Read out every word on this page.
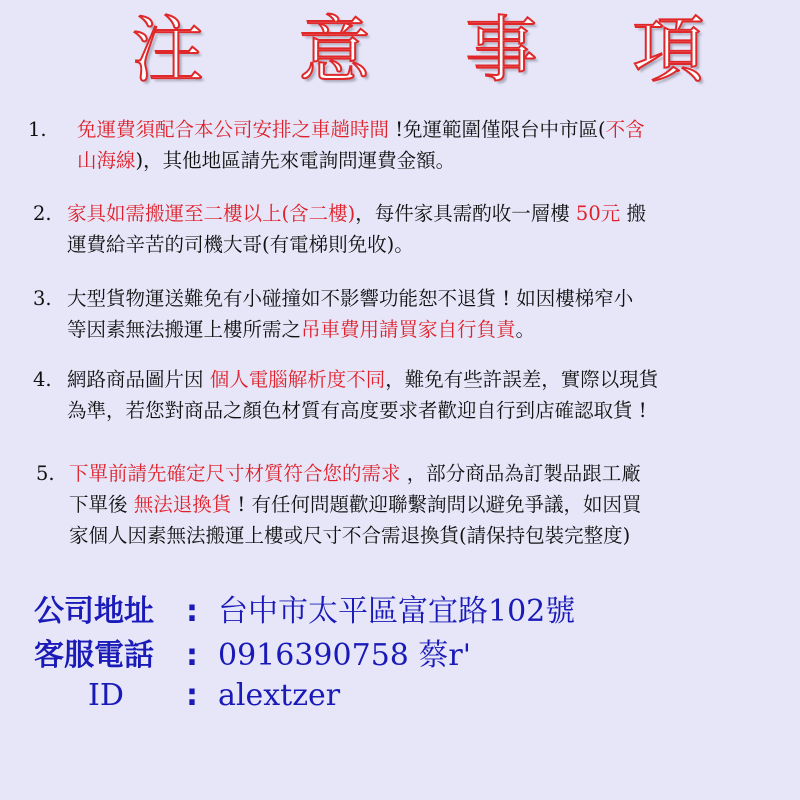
注 意 事 項
1. 免運費須配合本公司安排之車趟時間 !免運範圍僅限台中市區(不含
山海線)，其他地區請先來電詢問運費金額。
2. 家具如需搬運至二樓以上(含二樓)，每件家具需酌收一層樓 50元 搬
運費給辛苦的司機大哥(有電梯則免收)。
3. 大型貨物運送難免有小碰撞如不影響功能恕不退貨 ! 如因樓梯窄小
等因素無法搬運上樓所需之吊車費用請買家自行負責。
4. 網路商品圖片因 個人電腦解析度不同，難免有些許誤差，實際以現貨
為準，若您對商品之顏色材質有高度要求者歡迎自行到店確認取貨 !
5. 下單前請先確定尺寸材質符合您的需求 ，部分商品為訂製品跟工廠
下單後 無法退換貨 ! 有任何問題歡迎聯繫詢問以避免爭議，如因買
家個人因素無法搬運上樓或尺寸不合需退換貨(請保持包裝完整度)
公司地址 : 台中市太平區富宜路102號
客服電話 : 0916390758 蔡r'
ID : alextzer
